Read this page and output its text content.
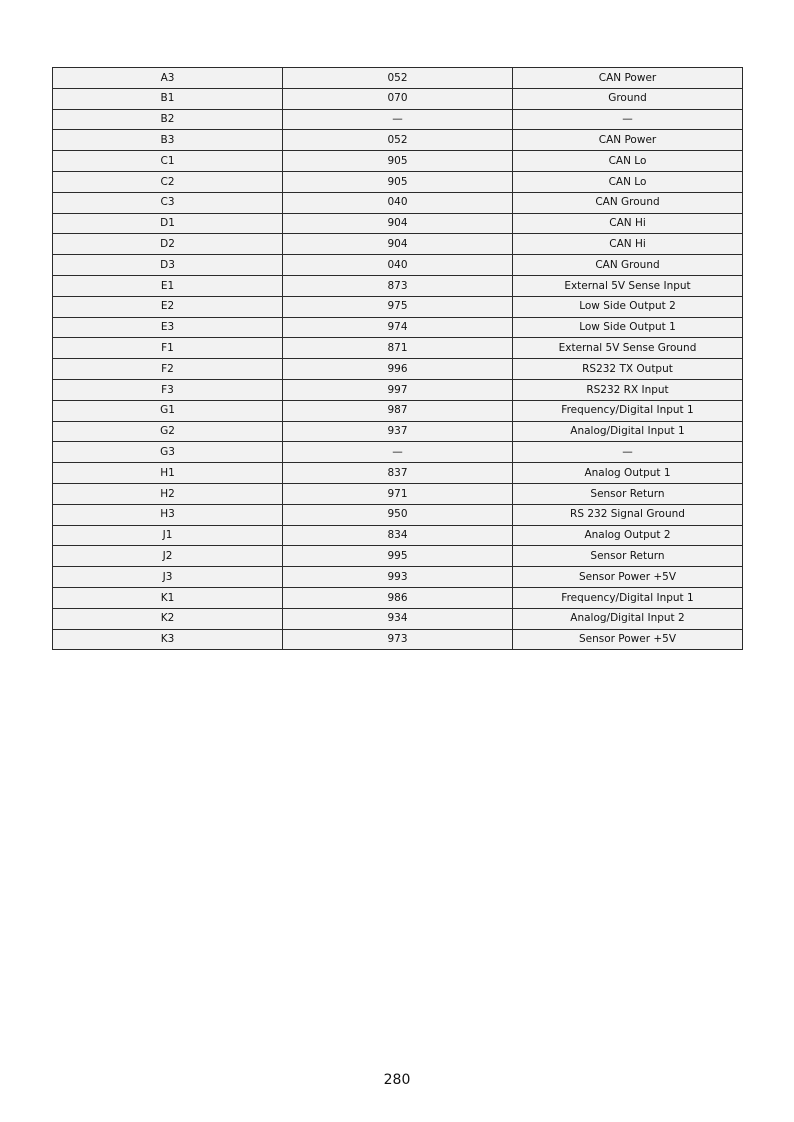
A3	052	CAN Power
B1	070	Ground
B2	—	—
B3	052	CAN Power
C1	905	CAN Lo
C2	905	CAN Lo
C3	040	CAN Ground
D1	904	CAN Hi
D2	904	CAN Hi
D3	040	CAN Ground
E1	873	External 5V Sense Input
E2	975	Low Side Output 2
E3	974	Low Side Output 1
F1	871	External 5V Sense Ground
F2	996	RS232 TX Output
F3	997	RS232 RX Input
G1	987	Frequency/Digital Input 1
G2	937	Analog/Digital Input 1
G3	—	—
H1	837	Analog Output 1
H2	971	Sensor Return
H3	950	RS 232 Signal Ground
J1	834	Analog Output 2
J2	995	Sensor Return
J3	993	Sensor Power +5V
K1	986	Frequency/Digital Input 1
K2	934	Analog/Digital Input 2
K3	973	Sensor Power +5V
280
